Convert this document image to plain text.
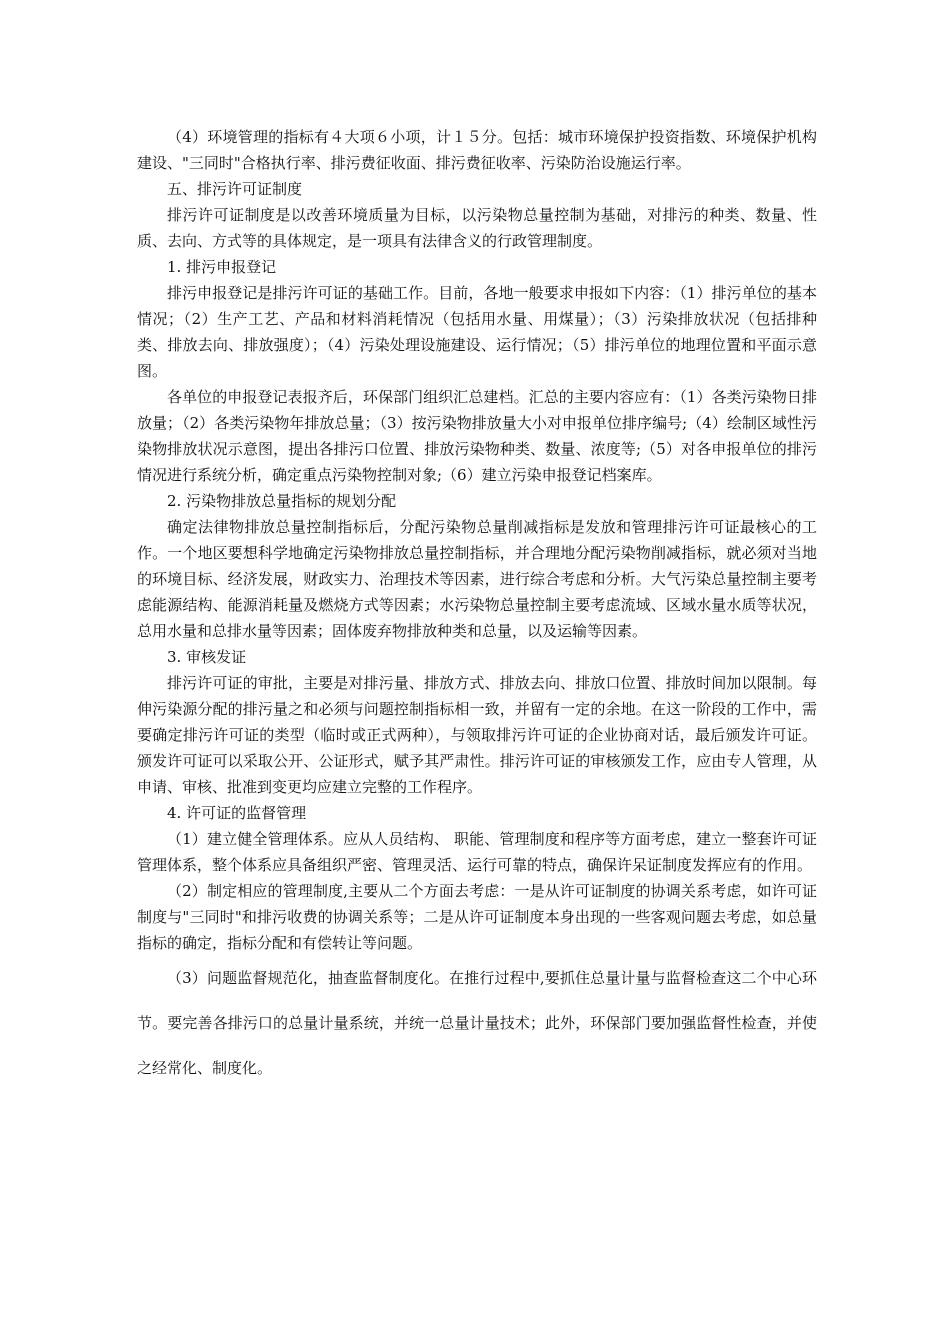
（4）环境管理的指标有４大项６小项，计１５分。包括：城市环境保护投资指数、环境保护机构建设、"三同时"合格执行率、排污费征收面、排污费征收率、污染防治设施运行率。

五、排污许可证制度

排污许可证制度是以改善环境质量为目标，以污染物总量控制为基础，对排污的种类、数量、性质、去向、方式等的具体规定，是一项具有法律含义的行政管理制度。

1. 排污申报登记

排污申报登记是排污许可证的基础工作。目前，各地一般要求申报如下内容：（1）排污单位的基本情况；（2）生产工艺、产品和材料消耗情况（包括用水量、用煤量）；（3）污染排放状况（包括排种类、排放去向、排放强度）；（4）污染处理设施建设、运行情况；（5）排污单位的地理位置和平面示意图。

各单位的申报登记表报齐后，环保部门组织汇总建档。汇总的主要内容应有：（1）各类污染物日排放量；（2）各类污染物年排放总量；（3）按污染物排放量大小对申报单位排序编号;（4）绘制区域性污染物排放状况示意图，提出各排污口位置、排放污染物种类、数量、浓度等;（5）对各申报单位的排污情况进行系统分析，确定重点污染物控制对象;（6）建立污染申报登记档案库。

2. 污染物排放总量指标的规划分配

确定法律物排放总量控制指标后，分配污染物总量削减指标是发放和管理排污许可证最核心的工作。一个地区要想科学地确定污染物排放总量控制指标，并合理地分配污染物削减指标，就必须对当地的环境目标、经济发展，财政实力、治理技术等因素，进行综合考虑和分析。大气污染总量控制主要考虑能源结构、能源消耗量及燃烧方式等因素；水污染物总量控制主要考虑流域、区域水量水质等状况，总用水量和总排水量等因素；固体废弃物排放种类和总量，以及运输等因素。

3. 审核发证

排污许可证的审批，主要是对排污量、排放方式、排放去向、排放口位置、排放时间加以限制。每伸污染源分配的排污量之和必须与问题控制指标相一致，并留有一定的余地。在这一阶段的工作中，需要确定排污许可证的类型（临时或正式两种），与领取排污许可证的企业协商对话，最后颁发许可证。颁发许可证可以采取公开、公证形式，赋予其严肃性。排污许可证的审核颁发工作，应由专人管理，从申请、审核、批准到变更均应建立完整的工作程序。

4. 许可证的监督管理

（1）建立健全管理体系。应从人员结构、 职能、管理制度和程序等方面考虑，建立一整套许可证管理体系，整个体系应具备组织严密、管理灵活、运行可靠的特点，确保许呆证制度发挥应有的作用。

（2）制定相应的管理制度,主要从二个方面去考虑：一是从许可证制度的协调关系考虑，如许可证制度与"三同时"和排污收费的协调关系等；二是从许可证制度本身出现的一些客观问题去考虑，如总量指标的确定，指标分配和有偿转让等问题。

（3）问题监督规范化，抽查监督制度化。在推行过程中,要抓住总量计量与监督检查这二个中心环节。要完善各排污口的总量计量系统，并统一总量计量技术；此外，环保部门要加强监督性检查，并使之经常化、制度化。
